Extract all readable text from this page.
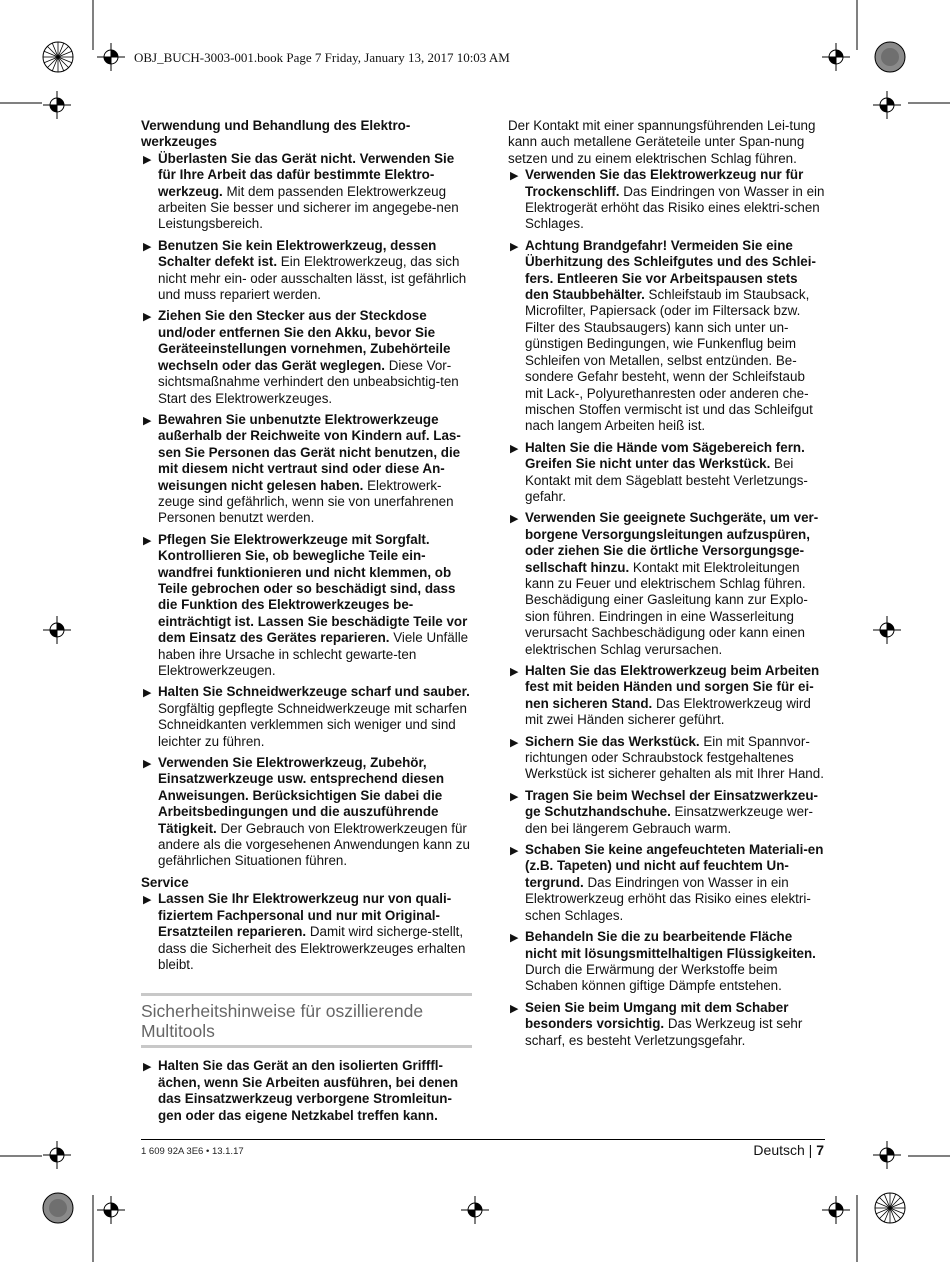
OBJ_BUCH-3003-001.book Page 7 Friday, January 13, 2017 10:03 AM

Verwendung und Behandlung des Elektro-werkzeuges

▶ Überlasten Sie das Gerät nicht. Verwenden Sie für Ihre Arbeit das dafür bestimmte Elektro-werkzeug. Mit dem passenden Elektrowerkzeug arbeiten Sie besser und sicherer im angegebe-nen Leistungsbereich.
▶ Benutzen Sie kein Elektrowerkzeug, dessen Schalter defekt ist. Ein Elektrowerkzeug, das sich nicht mehr ein- oder ausschalten lässt, ist gefährlich und muss repariert werden.
▶ Ziehen Sie den Stecker aus der Steckdose und/oder entfernen Sie den Akku, bevor Sie Geräteeinstellungen vornehmen, Zubehörteile wechseln oder das Gerät weglegen. Diese Vor-sichtsmaßnahme verhindert den unbeabsichtig-ten Start des Elektrowerkzeuges.
▶ Bewahren Sie unbenutzte Elektrowerkzeuge außerhalb der Reichweite von Kindern auf. Las-sen Sie Personen das Gerät nicht benutzen, die mit diesem nicht vertraut sind oder diese An-weisungen nicht gelesen haben. Elektrowerk-zeuge sind gefährlich, wenn sie von unerfahrenen Personen benutzt werden.
▶ Pflegen Sie Elektrowerkzeuge mit Sorgfalt. Kontrollieren Sie, ob bewegliche Teile ein-wandfrei funktionieren und nicht klemmen, ob Teile gebrochen oder so beschädigt sind, dass die Funktion des Elektrowerkzeuges be-einträchtigt ist. Lassen Sie beschädigte Teile vor dem Einsatz des Gerätes reparieren. Viele Unfälle haben ihre Ursache in schlecht gewarte-ten Elektrowerkzeugen.
▶ Halten Sie Schneidwerkzeuge scharf und sauber. Sorgfältig gepflegte Schneidwerkzeuge mit scharfen Schneidkanten verklemmen sich weniger und sind leichter zu führen.
▶ Verwenden Sie Elektrowerkzeug, Zubehör, Einsatzwerkzeuge usw. entsprechend diesen Anweisungen. Berücksichtigen Sie dabei die Arbeitsbedingungen und die auszuführende Tätigkeit. Der Gebrauch von Elektrowerkzeugen für andere als die vorgesehenen Anwendungen kann zu gefährlichen Situationen führen.

Service

▶ Lassen Sie Ihr Elektrowerkzeug nur von quali-fiziertem Fachpersonal und nur mit Original-Ersatzteilen reparieren. Damit wird sicherge-stellt, dass die Sicherheit des Elektrowerkzeuges erhalten bleibt.
Sicherheitshinweise für oszillierende Multitools
▶ Halten Sie das Gerät an den isolierten Grifffl-ächen, wenn Sie Arbeiten ausführen, bei denen das Einsatzwerkzeug verborgene Stromleitun-gen oder das eigene Netzkabel treffen kann.

Der Kontakt mit einer spannungsführenden Lei-tung kann auch metallene Geräteteile unter Span-nung setzen und zu einem elektrischen Schlag führen.

▶ Verwenden Sie das Elektrowerkzeug nur für Trockenschliff. Das Eindringen von Wasser in ein Elektrogerät erhöht das Risiko eines elektri-schen Schlages.
▶ Achtung Brandgefahr! Vermeiden Sie eine Überhitzung des Schleifgutes und des Schlei-fers. Entleeren Sie vor Arbeitspausen stets den Staubbehälter. Schleifstaub im Staubsack, Microfilter, Papiersack (oder im Filtersack bzw. Filter des Staubsaugers) kann sich unter un-günstigen Bedingungen, wie Funkenflug beim Schleifen von Metallen, selbst entzünden. Be-sondere Gefahr besteht, wenn der Schleifstaub mit Lack-, Polyurethanresten oder anderen che-mischen Stoffen vermischt ist und das Schleifgut nach langem Arbeiten heiß ist.
▶ Halten Sie die Hände vom Sägebereich fern. Greifen Sie nicht unter das Werkstück. Bei Kontakt mit dem Sägeblatt besteht Verletzungs-gefahr.
▶ Verwenden Sie geeignete Suchgeräte, um ver-borgene Versorgungsleitungen aufzuspüren, oder ziehen Sie die örtliche Versorgungsge-sellschaft hinzu. Kontakt mit Elektroleitungen kann zu Feuer und elektrischem Schlag führen. Beschädigung einer Gasleitung kann zur Explo-sion führen. Eindringen in eine Wasserleitung verursacht Sachbeschädigung oder kann einen elektrischen Schlag verursachen.
▶ Halten Sie das Elektrowerkzeug beim Arbeiten fest mit beiden Händen und sorgen Sie für ei-nen sicheren Stand. Das Elektrowerkzeug wird mit zwei Händen sicherer geführt.
▶ Sichern Sie das Werkstück. Ein mit Spannvor-richtungen oder Schraubstock festgehaltenes Werkstück ist sicherer gehalten als mit Ihrer Hand.
▶ Tragen Sie beim Wechsel der Einsatzwerkzeu-ge Schutzhandschuhe. Einsatzwerkzeuge wer-den bei längerem Gebrauch warm.
▶ Schaben Sie keine angefeuchteten Materiali-en (z.B. Tapeten) und nicht auf feuchtem Un-tergrund. Das Eindringen von Wasser in ein Elektrowerkzeug erhöht das Risiko eines elektri-schen Schlages.
▶ Behandeln Sie die zu bearbeitende Fläche nicht mit lösungsmittelhaltigen Flüssigkeiten. Durch die Erwärmung der Werkstoffe beim Schaben können giftige Dämpfe entstehen.
▶ Seien Sie beim Umgang mit dem Schaber besonders vorsichtig. Das Werkzeug ist sehr scharf, es besteht Verletzungsgefahr.
1 609 92A 3E6 • 13.1.17	Deutsch | 7
